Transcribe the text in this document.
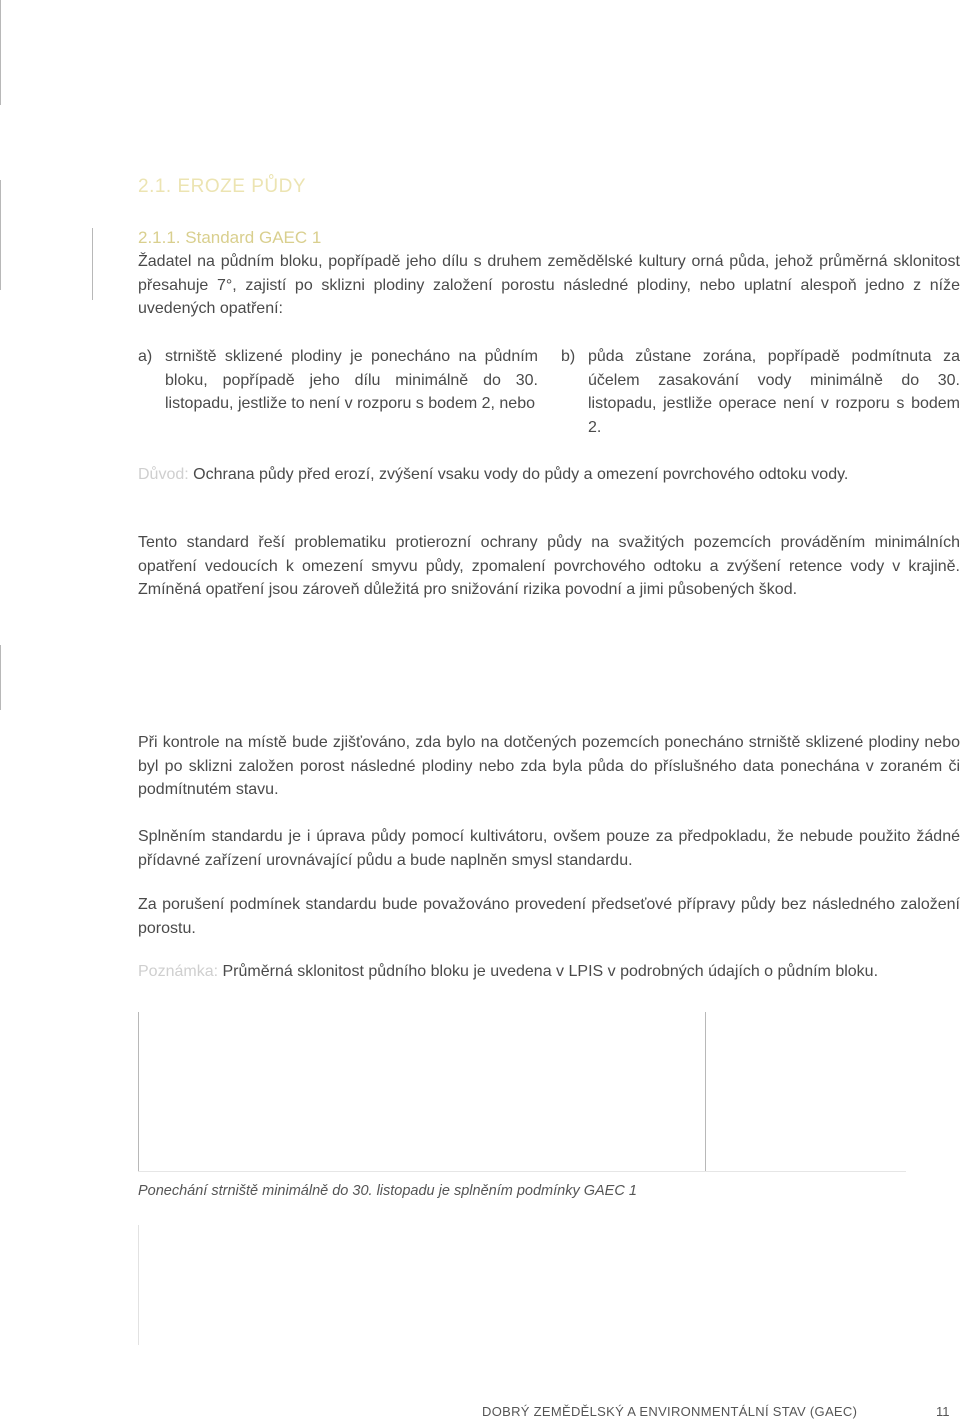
2.1. EROZE PŮDY
2.1.1. Standard GAEC 1

Žadatel na půdním bloku, popřípadě jeho dílu s druhem zemědělské kultury orná půda, jehož průměrná sklonitost přesahuje 7°, zajistí po sklizni plodiny založení porostu následné plodiny, nebo uplatní alespoň jedno z níže uvedených opatření:

a) strniště sklizené plodiny je ponecháno na půdním bloku, popřípadě jeho dílu minimálně do 30. listopadu, jestliže to není v rozporu s bodem 2, nebo
b) půda zůstane zorána, popřípadě podmítnuta za účelem zasakování vody minimálně do 30. listopadu, jestliže operace není v rozporu s bodem 2.

Důvod: Ochrana půdy před erozí, zvýšení vsaku vody do půdy a omezení povrchového odtoku vody.

Tento standard řeší problematiku protierozní ochrany půdy na svažitých pozemcích prováděním minimálních opatření vedoucích k omezení smyvu půdy, zpomalení povrchového odtoku a zvýšení retence vody v krajině. Zmíněná opatření jsou zároveň důležitá pro snižování rizika povodní a jimi působených škod.

Při kontrole na místě bude zjišťováno, zda bylo na dotčených pozemcích ponecháno strniště sklizené plodiny nebo byl po sklizni založen porost následné plodiny nebo zda byla půda do příslušného data ponechána v zoraném či podmítnutém stavu.

Splněním standardu je i úprava půdy pomocí kultivátoru, ovšem pouze za předpokladu, že nebude použito žádné přídavné zařízení urovnávající půdu a bude naplněn smysl standardu.

Za porušení podmínek standardu bude považováno provedení předseťové přípravy půdy bez následného založení porostu.

Poznámka: Průměrná sklonitost půdního bloku je uvedena v LPIS v podrobných údajích o půdním bloku.

Ponechání strniště minimálně do 30. listopadu je splněním podmínky GAEC 1
DOBRÝ ZEMĚDĚLSKÝ A ENVIRONMENTÁLNÍ STAV (GAEC)	11
